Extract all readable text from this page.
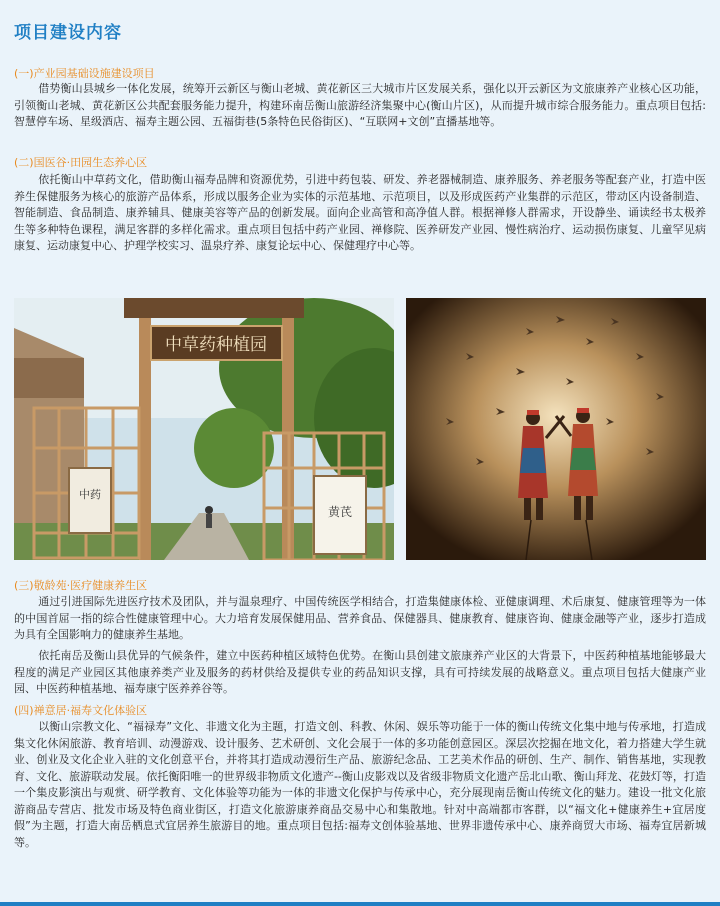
项目建设内容
(一)产业园基础设施建设项目

借势衡山县城乡一体化发展，统筹开云新区与衡山老城、黄花新区三大城市片区发展关系，强化以开云新区为文旅康养产业核心区功能，引领衡山老城、黄花新区公共配套服务能力提升，构建环南岳衡山旅游经济集聚中心(衡山片区)，从而提升城市综合服务能力。重点项目包括:智慧停车场、星级酒店、福寿主题公园、五福街巷(5条特色民俗街区)、“互联网+文创”直播基地等。

(二)国医谷·田园生态养心区

依托衡山中草药文化，借助衡山福寿品牌和资源优势，引进中药包装、研发、养老器械制造、康养服务、养老服务等配套产业，打造中医养生保健服务为核心的旅游产品体系，形成以服务企业为实体的示范基地、示范项目，以及形成医药产业集群的示范区，带动区内设备制造、智能制造、食品制造、康养辅具、健康美容等产品的创新发展。面向企业高管和高净值人群。根据禅修人群需求，开设静坐、诵读经书太极养生等多种特色课程，满足客群的多样化需求。重点项目包括中药产业园、禅修院、医养研发产业园、慢性病治疗、运动损伤康复、儿童罕见病康复、运动康复中心、护理学校实习、温泉疗养、康复论坛中心、保健理疗中心等。

中草药种植园
中药
黄芪
(三)敬龄苑·医疗健康养生区

通过引进国际先进医疗技术及团队，并与温泉理疗、中国传统医学相结合，打造集健康体检、亚健康调理、术后康复、健康管理等为一体的中国首屈一指的综合性健康管理中心。大力培育发展保健用品、营养食品、保健器具、健康教育、健康咨询、健康金融等产业，逐步打造成为具有全国影响力的健康养生基地。

依托南岳及衡山县优异的气候条件，建立中医药种植区域特色优势。在衡山县创建文旅康养产业区的大背景下，中医药种植基地能够最大程度的满足产业园区其他康养类产业及服务的药材供给及提供专业的药品知识支撑，具有可持续发展的战略意义。重点项目包括大健康产业园、中医药种植基地、福寿康宁医养养谷等。

(四)禅意居·福寿文化体验区

以衡山宗教文化、“福禄寿”文化、非遗文化为主题，打造文创、科教、休闲、娱乐等功能于一体的衡山传统文化集中地与传承地，打造成集文化休闲旅游、教育培训、动漫游戏、设计服务、艺术研创、文化会展于一体的多功能创意园区。深层次挖掘在地文化，着力搭建大学生就业、创业及文化企业入驻的文化创意平台，并将其打造成动漫衍生产品、旅游纪念品、工艺美术作品的研创、生产、制作、销售基地，实现教育、文化、旅游联动发展。依托衡阳唯一的世界级非物质文化遗产--衡山皮影戏以及省级非物质文化遗产岳北山歌、衡山拜龙、花鼓灯等，打造一个集皮影演出与观赏、研学教育、文化体验等功能为一体的非遗文化保护与传承中心，充分展现南岳衡山传统文化的魅力。建设一批文化旅游商品专营店、批发市场及特色商业街区，打造文化旅游康养商品交易中心和集散地。针对中高端都市客群，以“福文化+健康养生+宜居度假”为主题，打造大南岳栖息式宜居养生旅游目的地。重点项目包括:福寿文创体验基地、世界非遗传承中心、康养商贸大市场、福寿宜居新城等。
